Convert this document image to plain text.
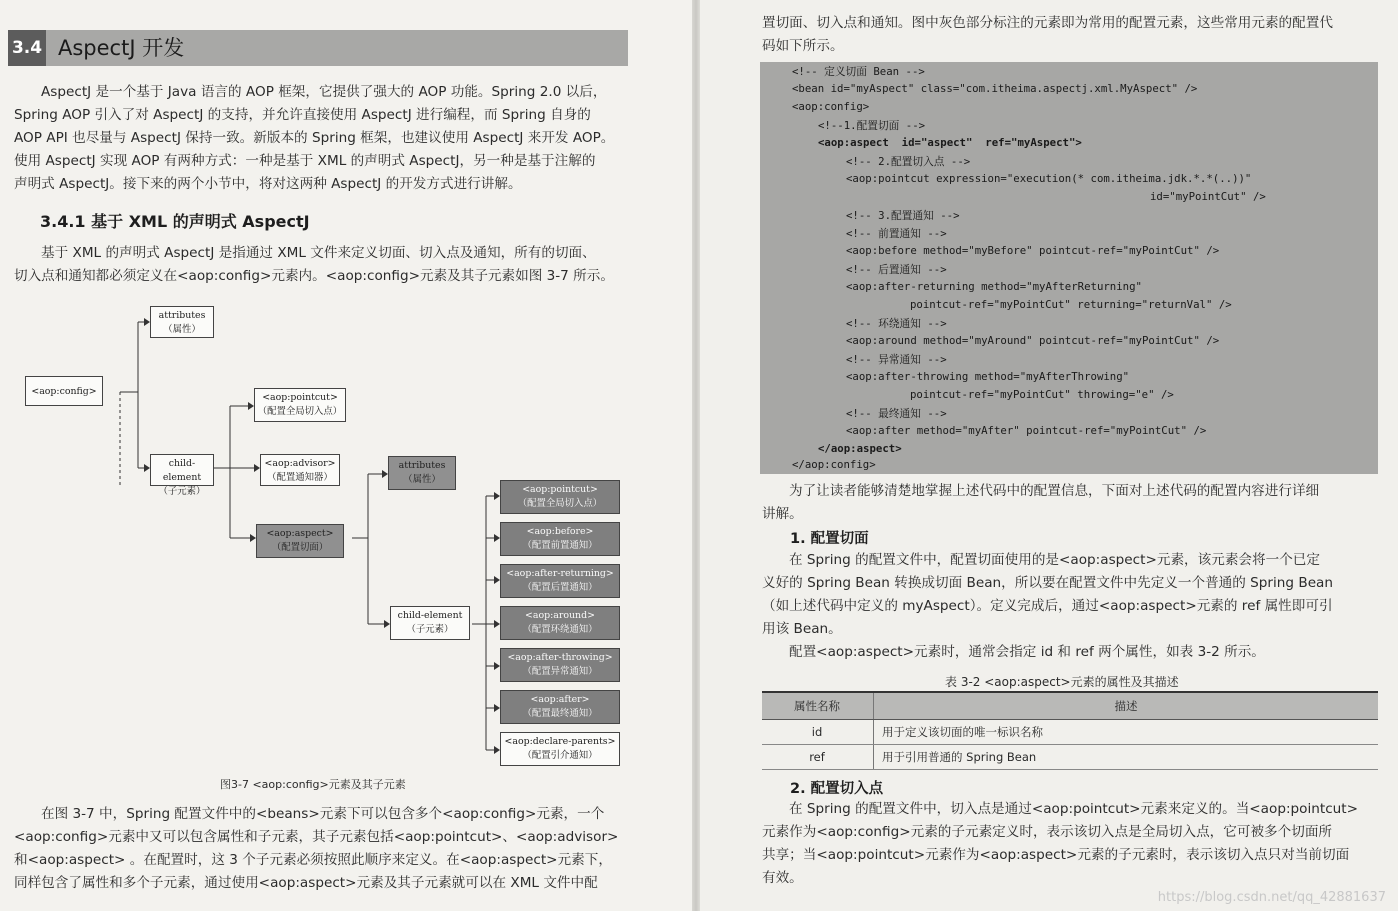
3.4 AspectJ 开发
AspectJ 是一个基于 Java 语言的 AOP 框架，它提供了强大的 AOP 功能。Spring 2.0 以后，
Spring AOP 引入了对 AspectJ 的支持，并允许直接使用 AspectJ 进行编程，而 Spring 自身的
AOP API 也尽量与 AspectJ 保持一致。新版本的 Spring 框架，也建议使用 AspectJ 来开发 AOP。
使用 AspectJ 实现 AOP 有两种方式：一种是基于 XML 的声明式 AspectJ，另一种是基于注解的
声明式 AspectJ。接下来的两个小节中，将对这两种 AspectJ 的开发方式进行讲解。
3.4.1 基于 XML 的声明式 AspectJ
基于 XML 的声明式 AspectJ 是指通过 XML 文件来定义切面、切入点及通知，所有的切面、
切入点和通知都必须定义在<aop:config>元素内。<aop:config>元素及其子元素如图 3-7 所示。
<aop:config>
attributes
（属性）
child-element
（子元素）
<aop:pointcut>
（配置全局切入点）
<aop:advisor>
（配置通知器）
<aop:aspect>
（配置切面）
attributes
（属性）
child-element
（子元素）
<aop:pointcut>
（配置全局切入点）
<aop:before>
（配置前置通知）
<aop:after-returning>
（配置后置通知）
<aop:around>
（配置环绕通知）
<aop:after-throwing>
（配置异常通知）
<aop:after>
（配置最终通知）
<aop:declare-parents>
（配置引介通知）
图3-7 <aop:config>元素及其子元素
在图 3-7 中，Spring 配置文件中的<beans>元素下可以包含多个<aop:config>元素，一个
<aop:config>元素中又可以包含属性和子元素，其子元素包括<aop:pointcut>、<aop:advisor>
和<aop:aspect> 。在配置时，这 3 个子元素必须按照此顺序来定义。在<aop:aspect>元素下，
同样包含了属性和多个子元素，通过使用<aop:aspect>元素及其子元素就可以在 XML 文件中配
置切面、切入点和通知。图中灰色部分标注的元素即为常用的配置元素，这些常用元素的配置代
码如下所示。
<!-- 定义切面 Bean -->
<bean id="myAspect" class="com.itheima.aspectj.xml.MyAspect" />
<aop:config>
<!--1.配置切面 -->
<aop:aspect  id="aspect"  ref="myAspect">
<!-- 2.配置切入点 -->
<aop:pointcut expression="execution(* com.itheima.jdk.*.*(..))"
id="myPointCut" />
<!-- 3.配置通知 -->
<!-- 前置通知 -->
<aop:before method="myBefore" pointcut-ref="myPointCut" />
<!-- 后置通知 -->
<aop:after-returning method="myAfterReturning"
pointcut-ref="myPointCut" returning="returnVal" />
<!-- 环绕通知 -->
<aop:around method="myAround" pointcut-ref="myPointCut" />
<!-- 异常通知 -->
<aop:after-throwing method="myAfterThrowing"
pointcut-ref="myPointCut" throwing="e" />
<!-- 最终通知 -->
<aop:after method="myAfter" pointcut-ref="myPointCut" />
</aop:aspect>
</aop:config>
为了让读者能够清楚地掌握上述代码中的配置信息，下面对上述代码的配置内容进行详细
讲解。
1. 配置切面
在 Spring 的配置文件中，配置切面使用的是<aop:aspect>元素，该元素会将一个已定
义好的 Spring Bean 转换成切面 Bean，所以要在配置文件中先定义一个普通的 Spring Bean
（如上述代码中定义的 myAspect）。定义完成后，通过<aop:aspect>元素的 ref 属性即可引
用该 Bean。
配置<aop:aspect>元素时，通常会指定 id 和 ref 两个属性，如表 3-2 所示。
表 3-2 <aop:aspect>元素的属性及其描述
属性名称	描述
id	用于定义该切面的唯一标识名称
ref	用于引用普通的 Spring Bean
2. 配置切入点
在 Spring 的配置文件中，切入点是通过<aop:pointcut>元素来定义的。当<aop:pointcut>
元素作为<aop:config>元素的子元素定义时，表示该切入点是全局切入点，它可被多个切面所
共享；当<aop:pointcut>元素作为<aop:aspect>元素的子元素时，表示该切入点只对当前切面
有效。
https://blog.csdn.net/qq_42881637
